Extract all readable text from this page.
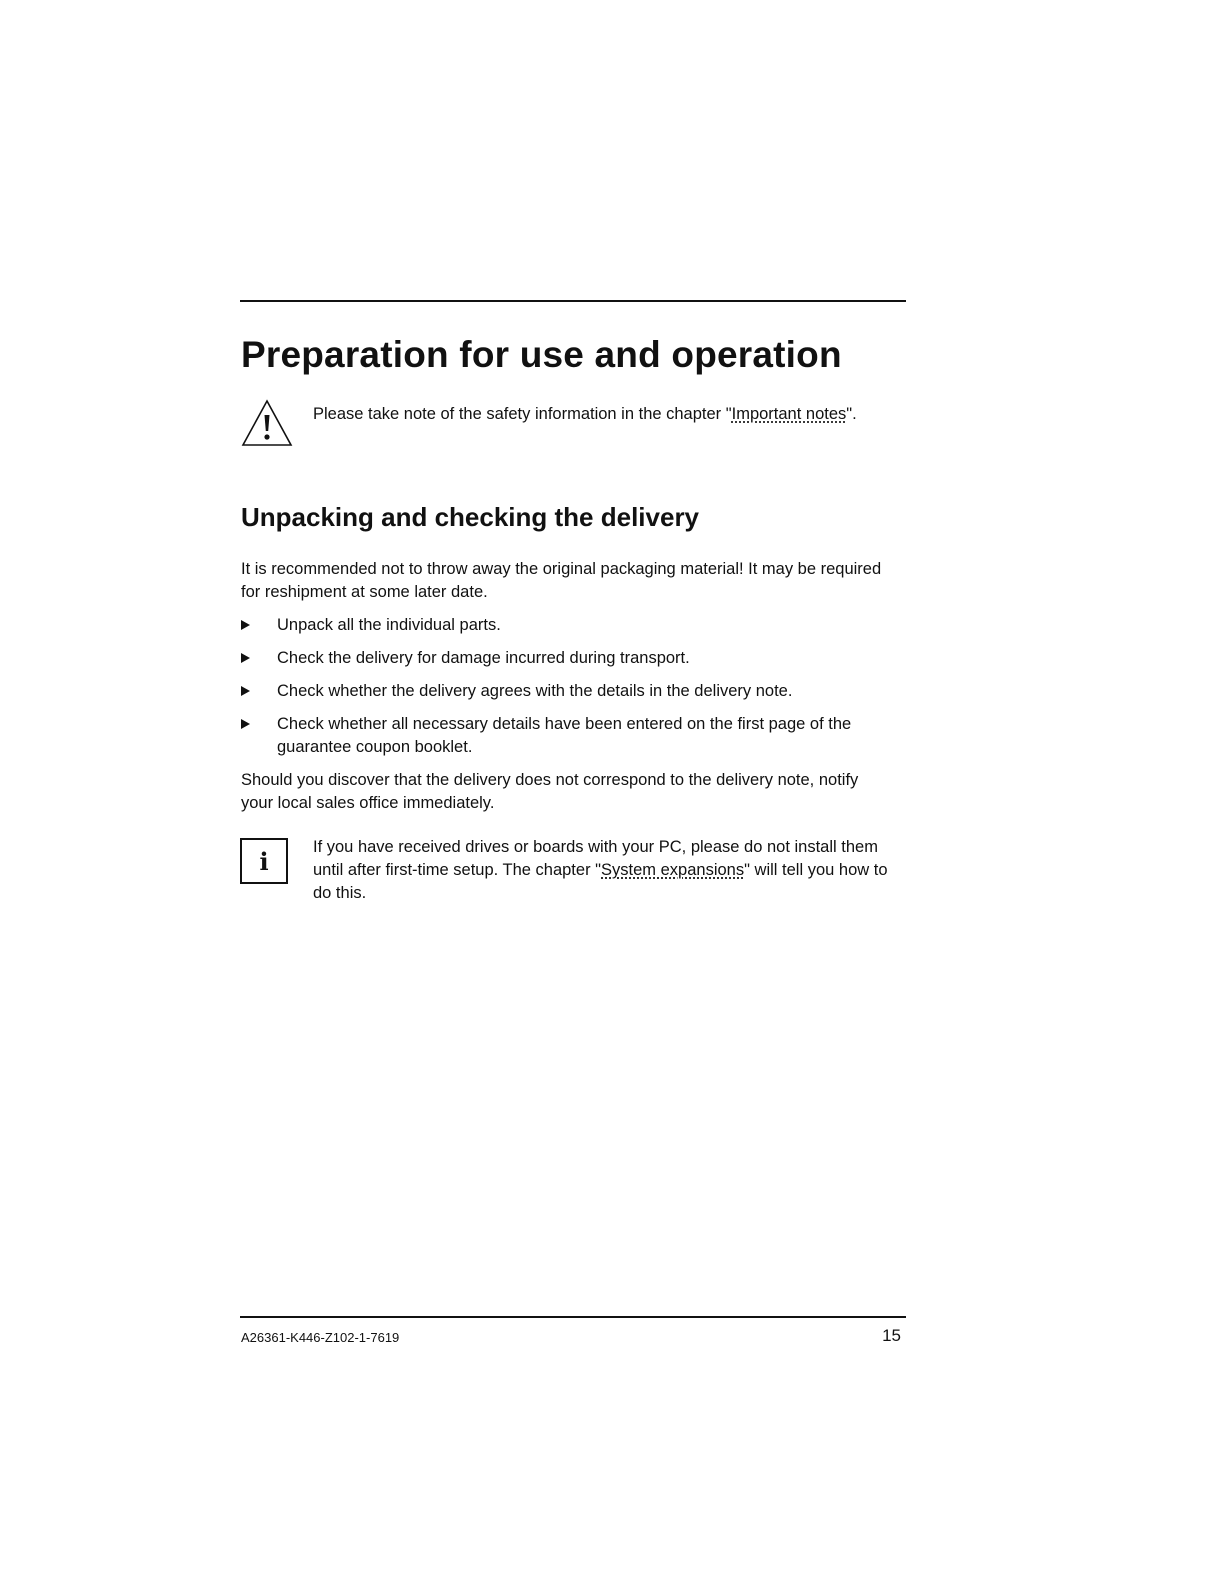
Preparation for use and operation

Please take note of the safety information in the chapter "Important notes".

Unpacking and checking the delivery

It is recommended not to throw away the original packaging material! It may be required for reshipment at some later date.

Unpack all the individual parts.
Check the delivery for damage incurred during transport.
Check whether the delivery agrees with the details in the delivery note.
Check whether all necessary details have been entered on the first page of the guarantee coupon booklet.

Should you discover that the delivery does not correspond to the delivery note, notify your local sales office immediately.

i	If you have received drives or boards with your PC, please do not install them until after first-time setup. The chapter "System expansions" will tell you how to do this.

A26361-K446-Z102-1-7619	15
